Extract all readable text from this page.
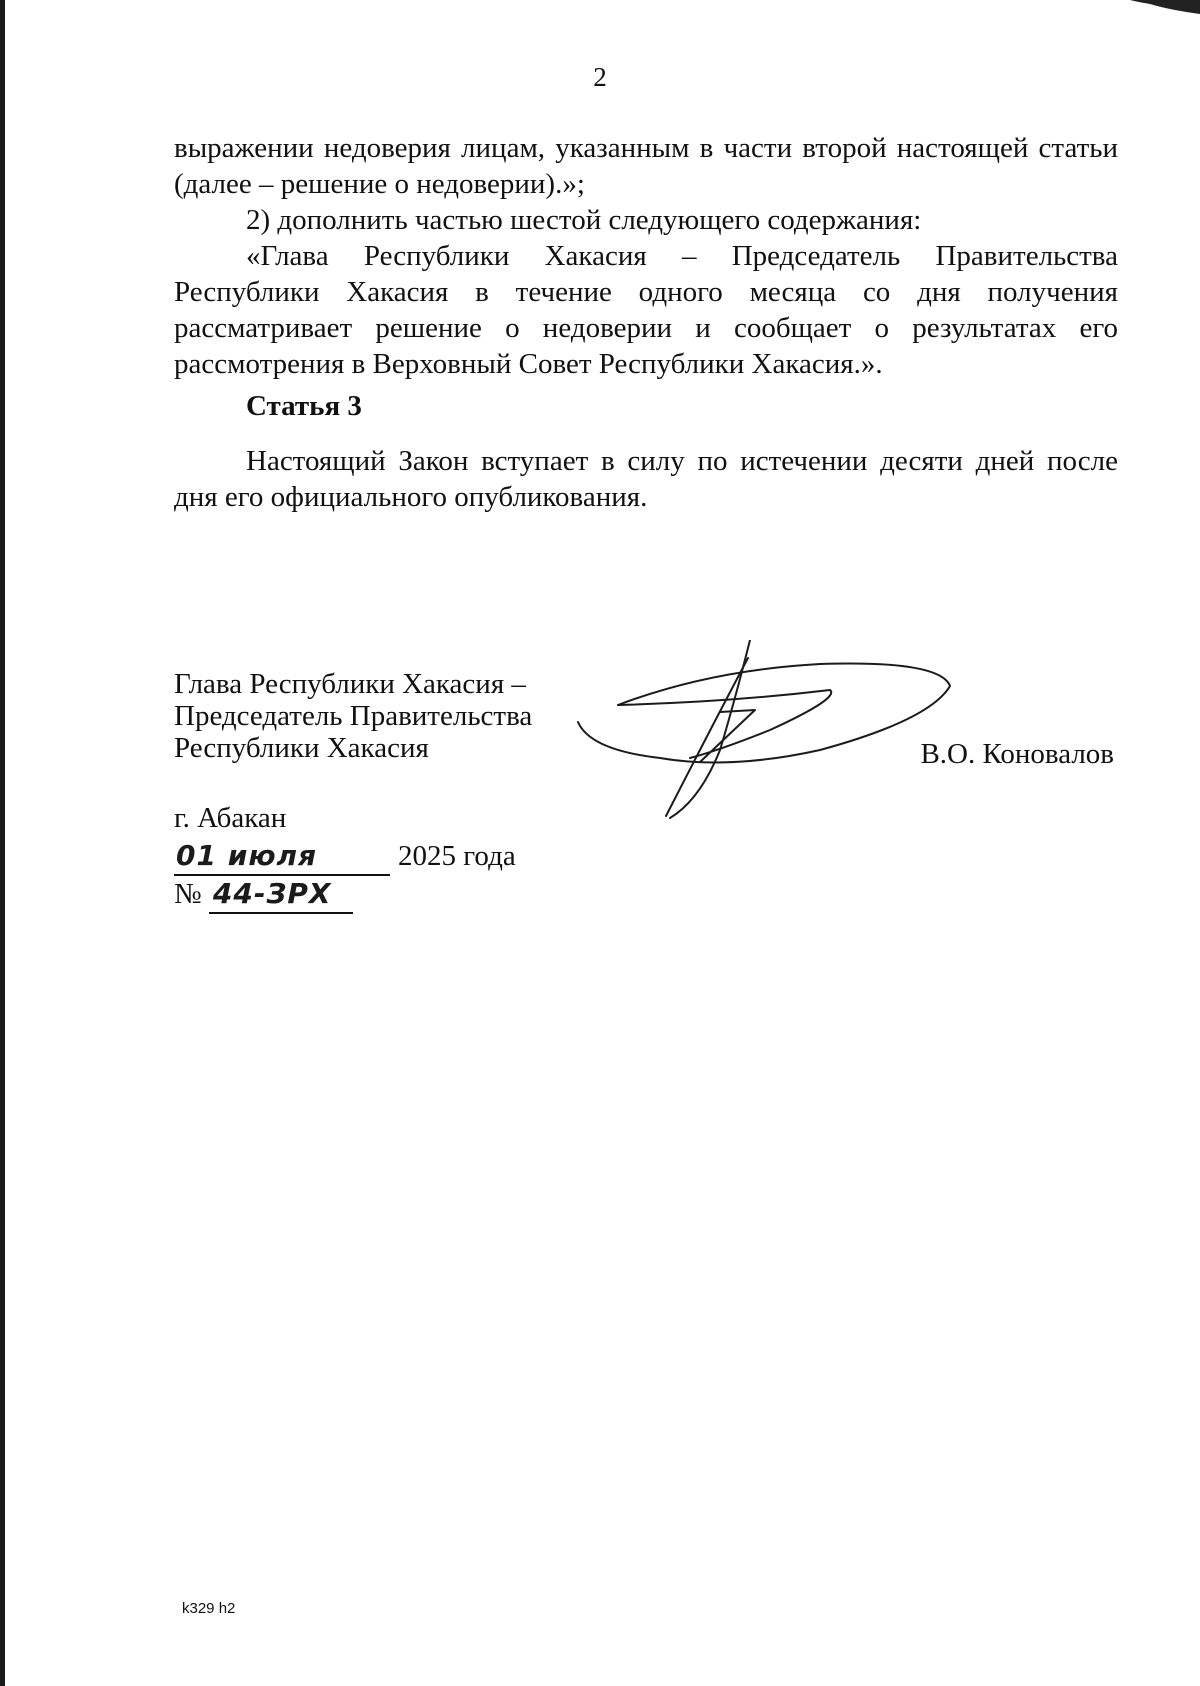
2

выражении недоверия лицам, указанным в части второй настоящей статьи (далее – решение о недоверии).»;

2) дополнить частью шестой следующего содержания:

«Глава Республики Хакасия – Председатель Правительства Республики Хакасия в течение одного месяца со дня получения рассматривает решение о недоверии и сообщает о результатах его рассмотрения в Верховный Совет Республики Хакасия.».

Статья 3

Настоящий Закон вступает в силу по истечении десяти дней после дня его официального опубликования.

Глава Республики Хакасия –
Председатель Правительства
Республики Хакасия	В.О. Коновалов
г. Абакан
01 июля	2025 года
№ 44-ЗРХ
k329 h2
